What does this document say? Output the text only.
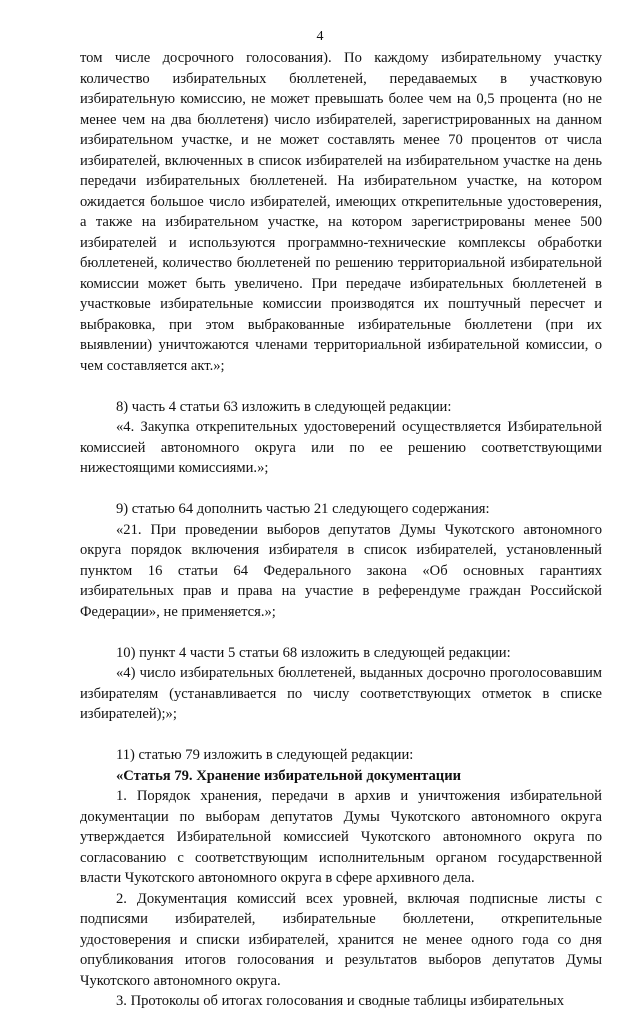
4

том числе досрочного голосования). По каждому избирательному участку количество избирательных бюллетеней, передаваемых в участковую избирательную комиссию, не может превышать более чем на 0,5 процента (но не менее чем на два бюллетеня) число избирателей, зарегистрированных на данном избирательном участке, и не может составлять менее 70 процентов от числа избирателей, включенных в список избирателей на избирательном участке на день передачи избирательных бюллетеней. На избирательном участке, на котором ожидается большое число избирателей, имеющих открепительные удостоверения, а также на избирательном участке, на котором зарегистрированы менее 500 избирателей и используются программно-технические комплексы обработки бюллетеней, количество бюллетеней по решению территориальной избирательной комиссии может быть увеличено. При передаче избирательных бюллетеней в участковые избирательные комиссии производятся их поштучный пересчет и выбраковка, при этом выбракованные избирательные бюллетени (при их выявлении) уничтожаются членами территориальной избирательной комиссии, о чем составляется акт.»;

8) часть 4 статьи 63 изложить в следующей редакции:

«4. Закупка открепительных удостоверений осуществляется Избирательной комиссией автономного округа или по ее решению соответствующими нижестоящими комиссиями.»;

9) статью 64 дополнить частью 21 следующего содержания:

«21. При проведении выборов депутатов Думы Чукотского автономного округа порядок включения избирателя в список избирателей, установленный пунктом 16 статьи 64 Федерального закона «Об основных гарантиях избирательных прав и права на участие в референдуме граждан Российской Федерации», не применяется.»;

10) пункт 4 части 5 статьи 68 изложить в следующей редакции:

«4) число избирательных бюллетеней, выданных досрочно проголосовавшим избирателям (устанавливается по числу соответствующих отметок в списке избирателей);»;

11) статью 79 изложить в следующей редакции:

«Статья 79. Хранение избирательной документации

1. Порядок хранения, передачи в архив и уничтожения избирательной документации по выборам депутатов Думы Чукотского автономного округа утверждается Избирательной комиссией Чукотского автономного округа по согласованию с соответствующим исполнительным органом государственной власти Чукотского автономного округа в сфере архивного дела.

2. Документация комиссий всех уровней, включая подписные листы с подписями избирателей, избирательные бюллетени, открепительные удостоверения и списки избирателей, хранится не менее одного года со дня опубликования итогов голосования и результатов выборов депутатов Думы Чукотского автономного округа.

3. Протоколы об итогах голосования и сводные таблицы избирательных
